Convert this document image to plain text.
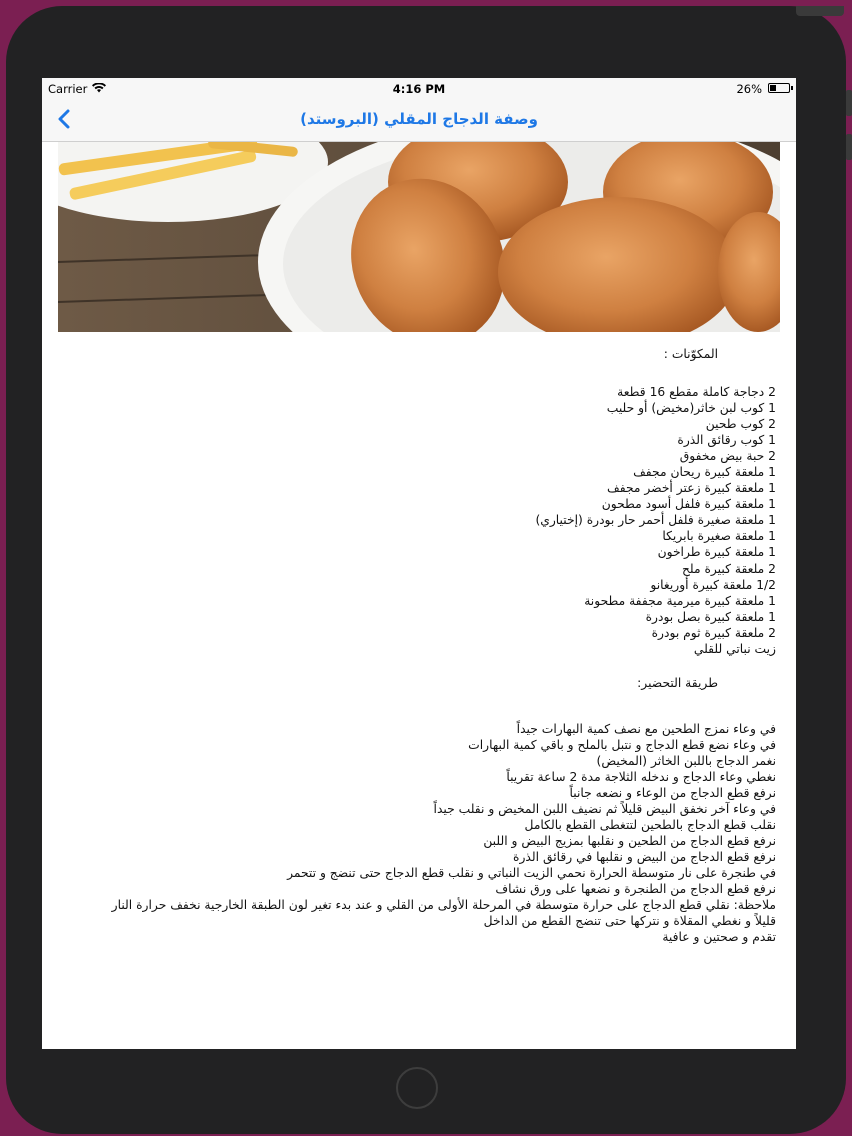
Carrier	4:16 PM	26%
وصفة الدجاج المقلي (البروستد)
المكوّنات :
2 دجاجة كاملة مقطع 16 قطعة
1 كوب لبن خاثر(مخيض) أو حليب
2 كوب طحين
1 كوب رقائق الذرة
2 حبة بيض مخفوق
1 ملعقة كبيرة ريحان مجفف
1 ملعقة كبيرة زعتر أخضر مجفف
1 ملعقة كبيرة فلفل أسود مطحون
1 ملعقة صغيرة فلفل أحمر حار بودرة (إختياري)
1 ملعقة صغيرة بابريكا
1 ملعقة كبيرة طراخون
2 ملعقة كبيرة ملح
1/2 ملعقة كبيرة أوريغانو
1 ملعقة كبيرة ميرمية مجففة مطحونة
1 ملعقة كبيرة بصل بودرة
2 ملعقة كبيرة ثوم بودرة
زيت نباتي للقلي
طريقة التحضير:
في وعاء نمزج الطحين مع نصف كمية البهارات جيداً
في وعاء نضع قطع الدجاج و نتبل بالملح و باقي كمية البهارات
نغمر الدجاج باللبن الخاثر (المخيض)
نغطي وعاء الدجاج و ندخله الثلاجة مدة 2 ساعة تقريباً
نرفع قطع الدجاج من الوعاء و نضعه جانباً
في وعاء آخر نخفق البيض قليلاً ثم نضيف اللبن المخيض و نقلب جيداً
نقلب قطع الدجاج بالطحين لتتغطى القطع بالكامل
نرفع قطع الدجاج من الطحين و نقلبها بمزيج البيض و اللبن
نرفع قطع الدجاج من البيض و نقلبها في رقائق الذرة
في طنجرة على نار متوسطة الحرارة نحمي الزيت النباتي و نقلب قطع الدجاج حتى تنضج و تتحمر
نرفع قطع الدجاج من الطنجرة و نضعها على ورق نشاف
ملاحظة: نقلي قطع الدجاج على حرارة متوسطة في المرحلة الأولى من القلي و عند بدء تغير لون الطبقة الخارجية نخفف حرارة النار
قليلاً و نغطي المقلاة و نتركها حتى تنضج القطع من الداخل
تقدم و صحتين و عافية
